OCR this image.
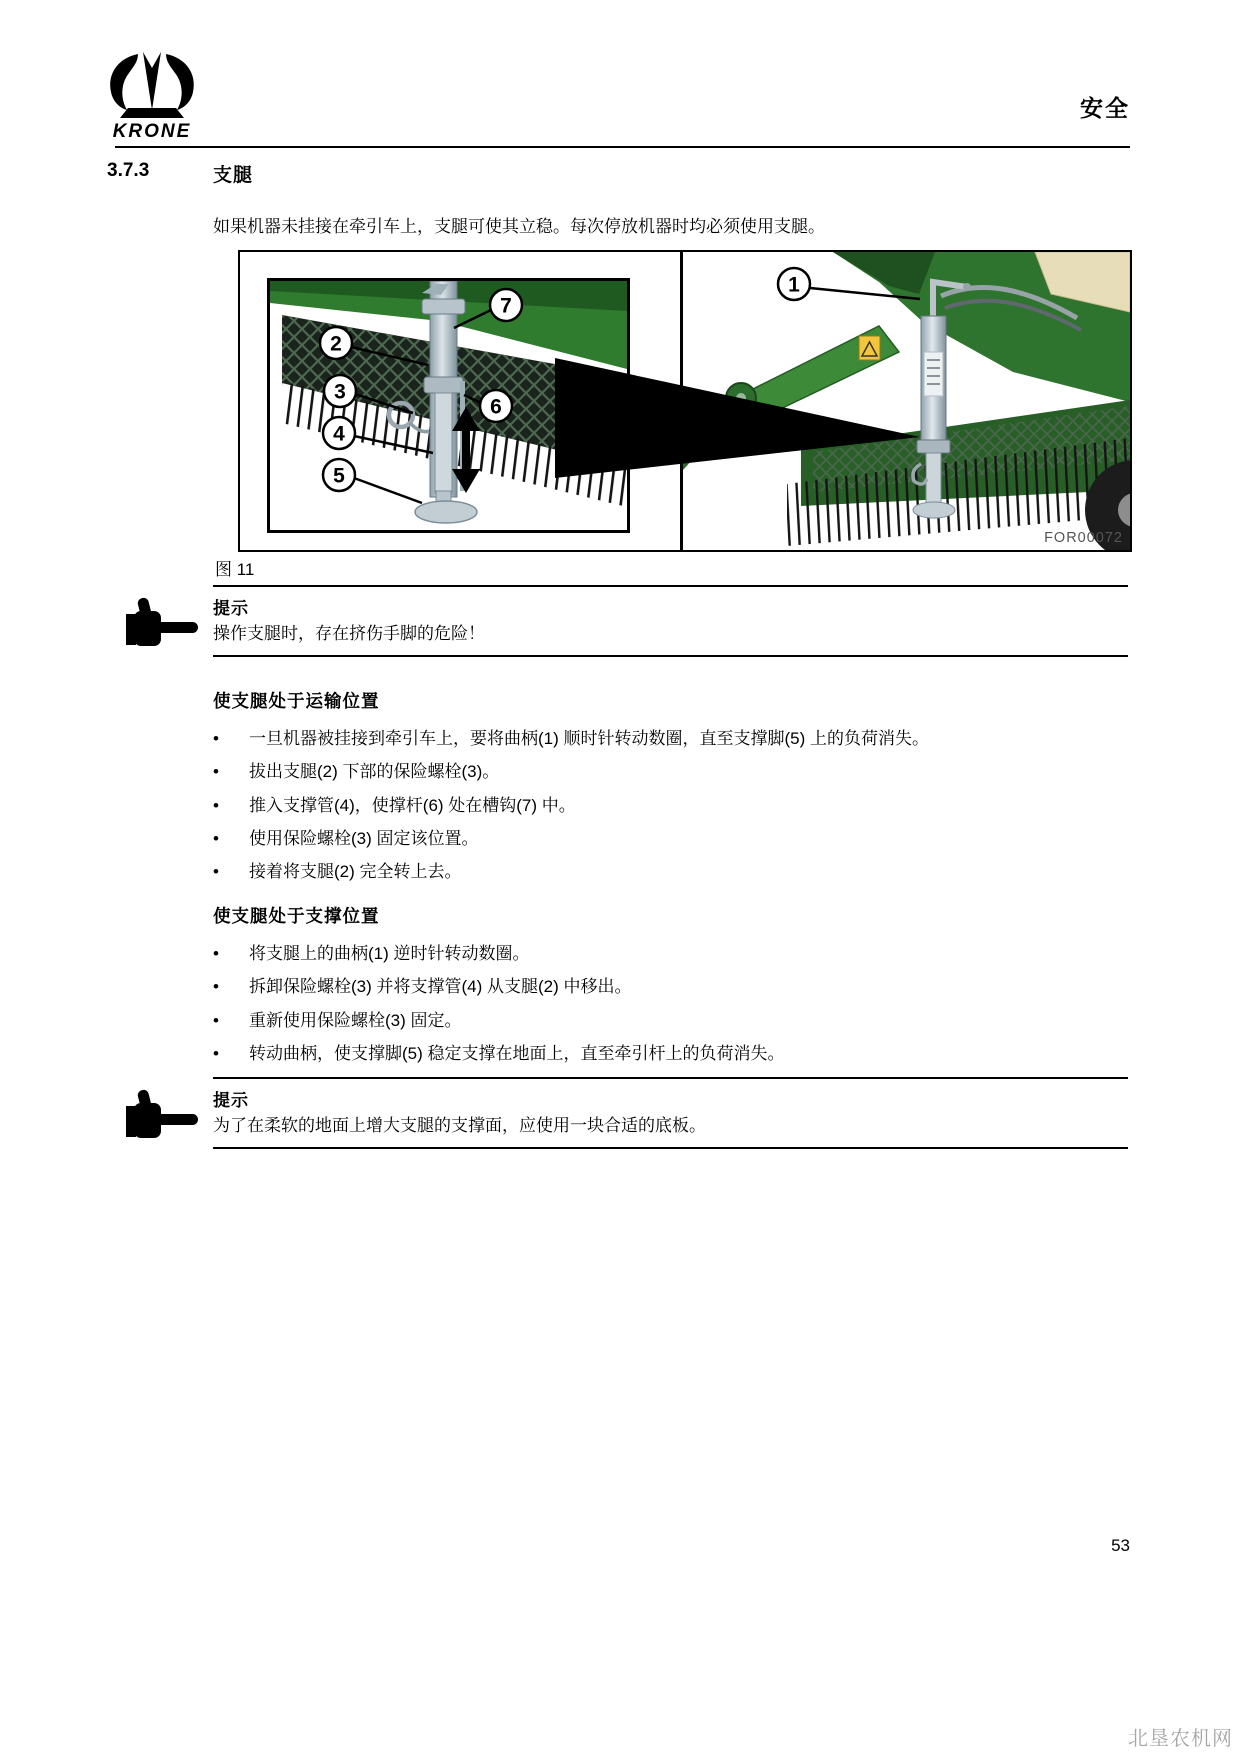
KRONE
安全
3.7.3	支腿
如果机器未挂接在牵引车上，支腿可使其立稳。每次停放机器时均必须使用支腿。
7
2
3
4
5
6
1
FOR00072
图 11
提示
操作支腿时，存在挤伤手脚的危险！
使支腿处于运输位置
•
一旦机器被挂接到牵引车上，要将曲柄(1) 顺时针转动数圈，直至支撑脚(5) 上的负荷消失。
•
拔出支腿(2) 下部的保险螺栓(3)。
•
推入支撑管(4)，使撑杆(6) 处在槽钩(7) 中。
•
使用保险螺栓(3) 固定该位置。
•
接着将支腿(2) 完全转上去。
使支腿处于支撑位置
•
将支腿上的曲柄(1) 逆时针转动数圈。
•
拆卸保险螺栓(3) 并将支撑管(4) 从支腿(2) 中移出。
•
重新使用保险螺栓(3) 固定。
•
转动曲柄，使支撑脚(5) 稳定支撑在地面上，直至牵引杆上的负荷消失。
提示
为了在柔软的地面上增大支腿的支撑面，应使用一块合适的底板。
53
北垦农机网
